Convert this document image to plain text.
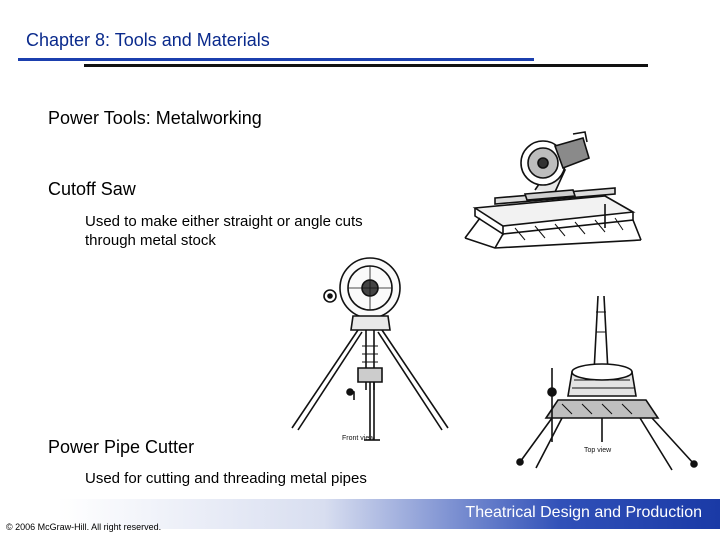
Chapter 8: Tools and Materials
Power Tools: Metalworking
Cutoff Saw
Used to make either straight or angle cuts
through metal stock
Power Pipe Cutter
Used for cutting and threading metal pipes
Front view
Top view
Theatrical Design and Production
© 2006 McGraw-Hill. All right reserved.
